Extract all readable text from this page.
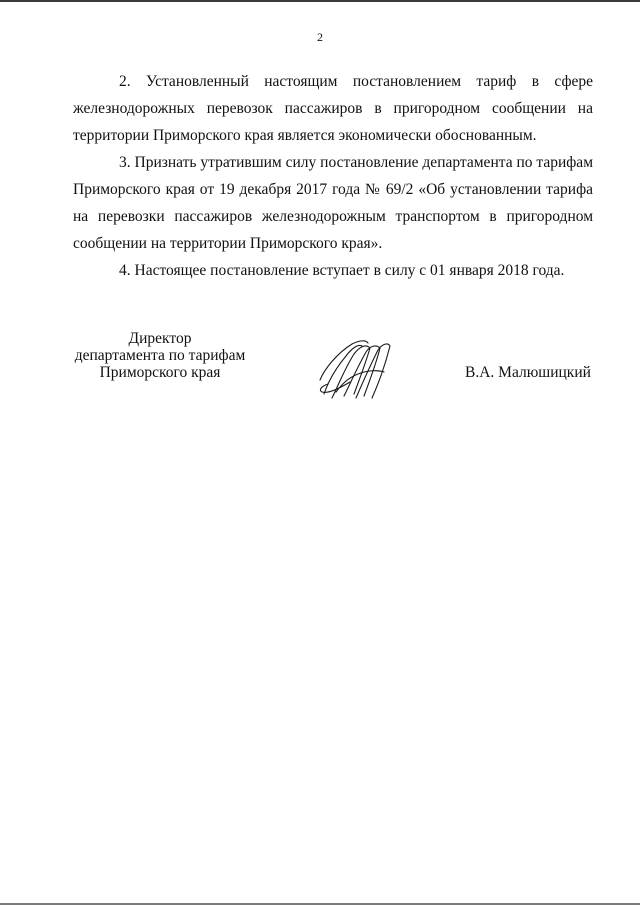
2

2. Установленный настоящим постановлением тариф в сфере железнодорожных перевозок пассажиров в пригородном сообщении на территории Приморского края является экономически обоснованным.

3. Признать утратившим силу постановление департамента по тарифам Приморского края от 19 декабря 2017 года № 69/2 «Об установлении тарифа на перевозки пассажиров железнодорожным транспортом в пригородном сообщении на территории Приморского края».

4. Настоящее постановление вступает в силу с 01 января 2018 года.

Директор
департамента по тарифам
Приморского края	В.А. Малюшицкий
